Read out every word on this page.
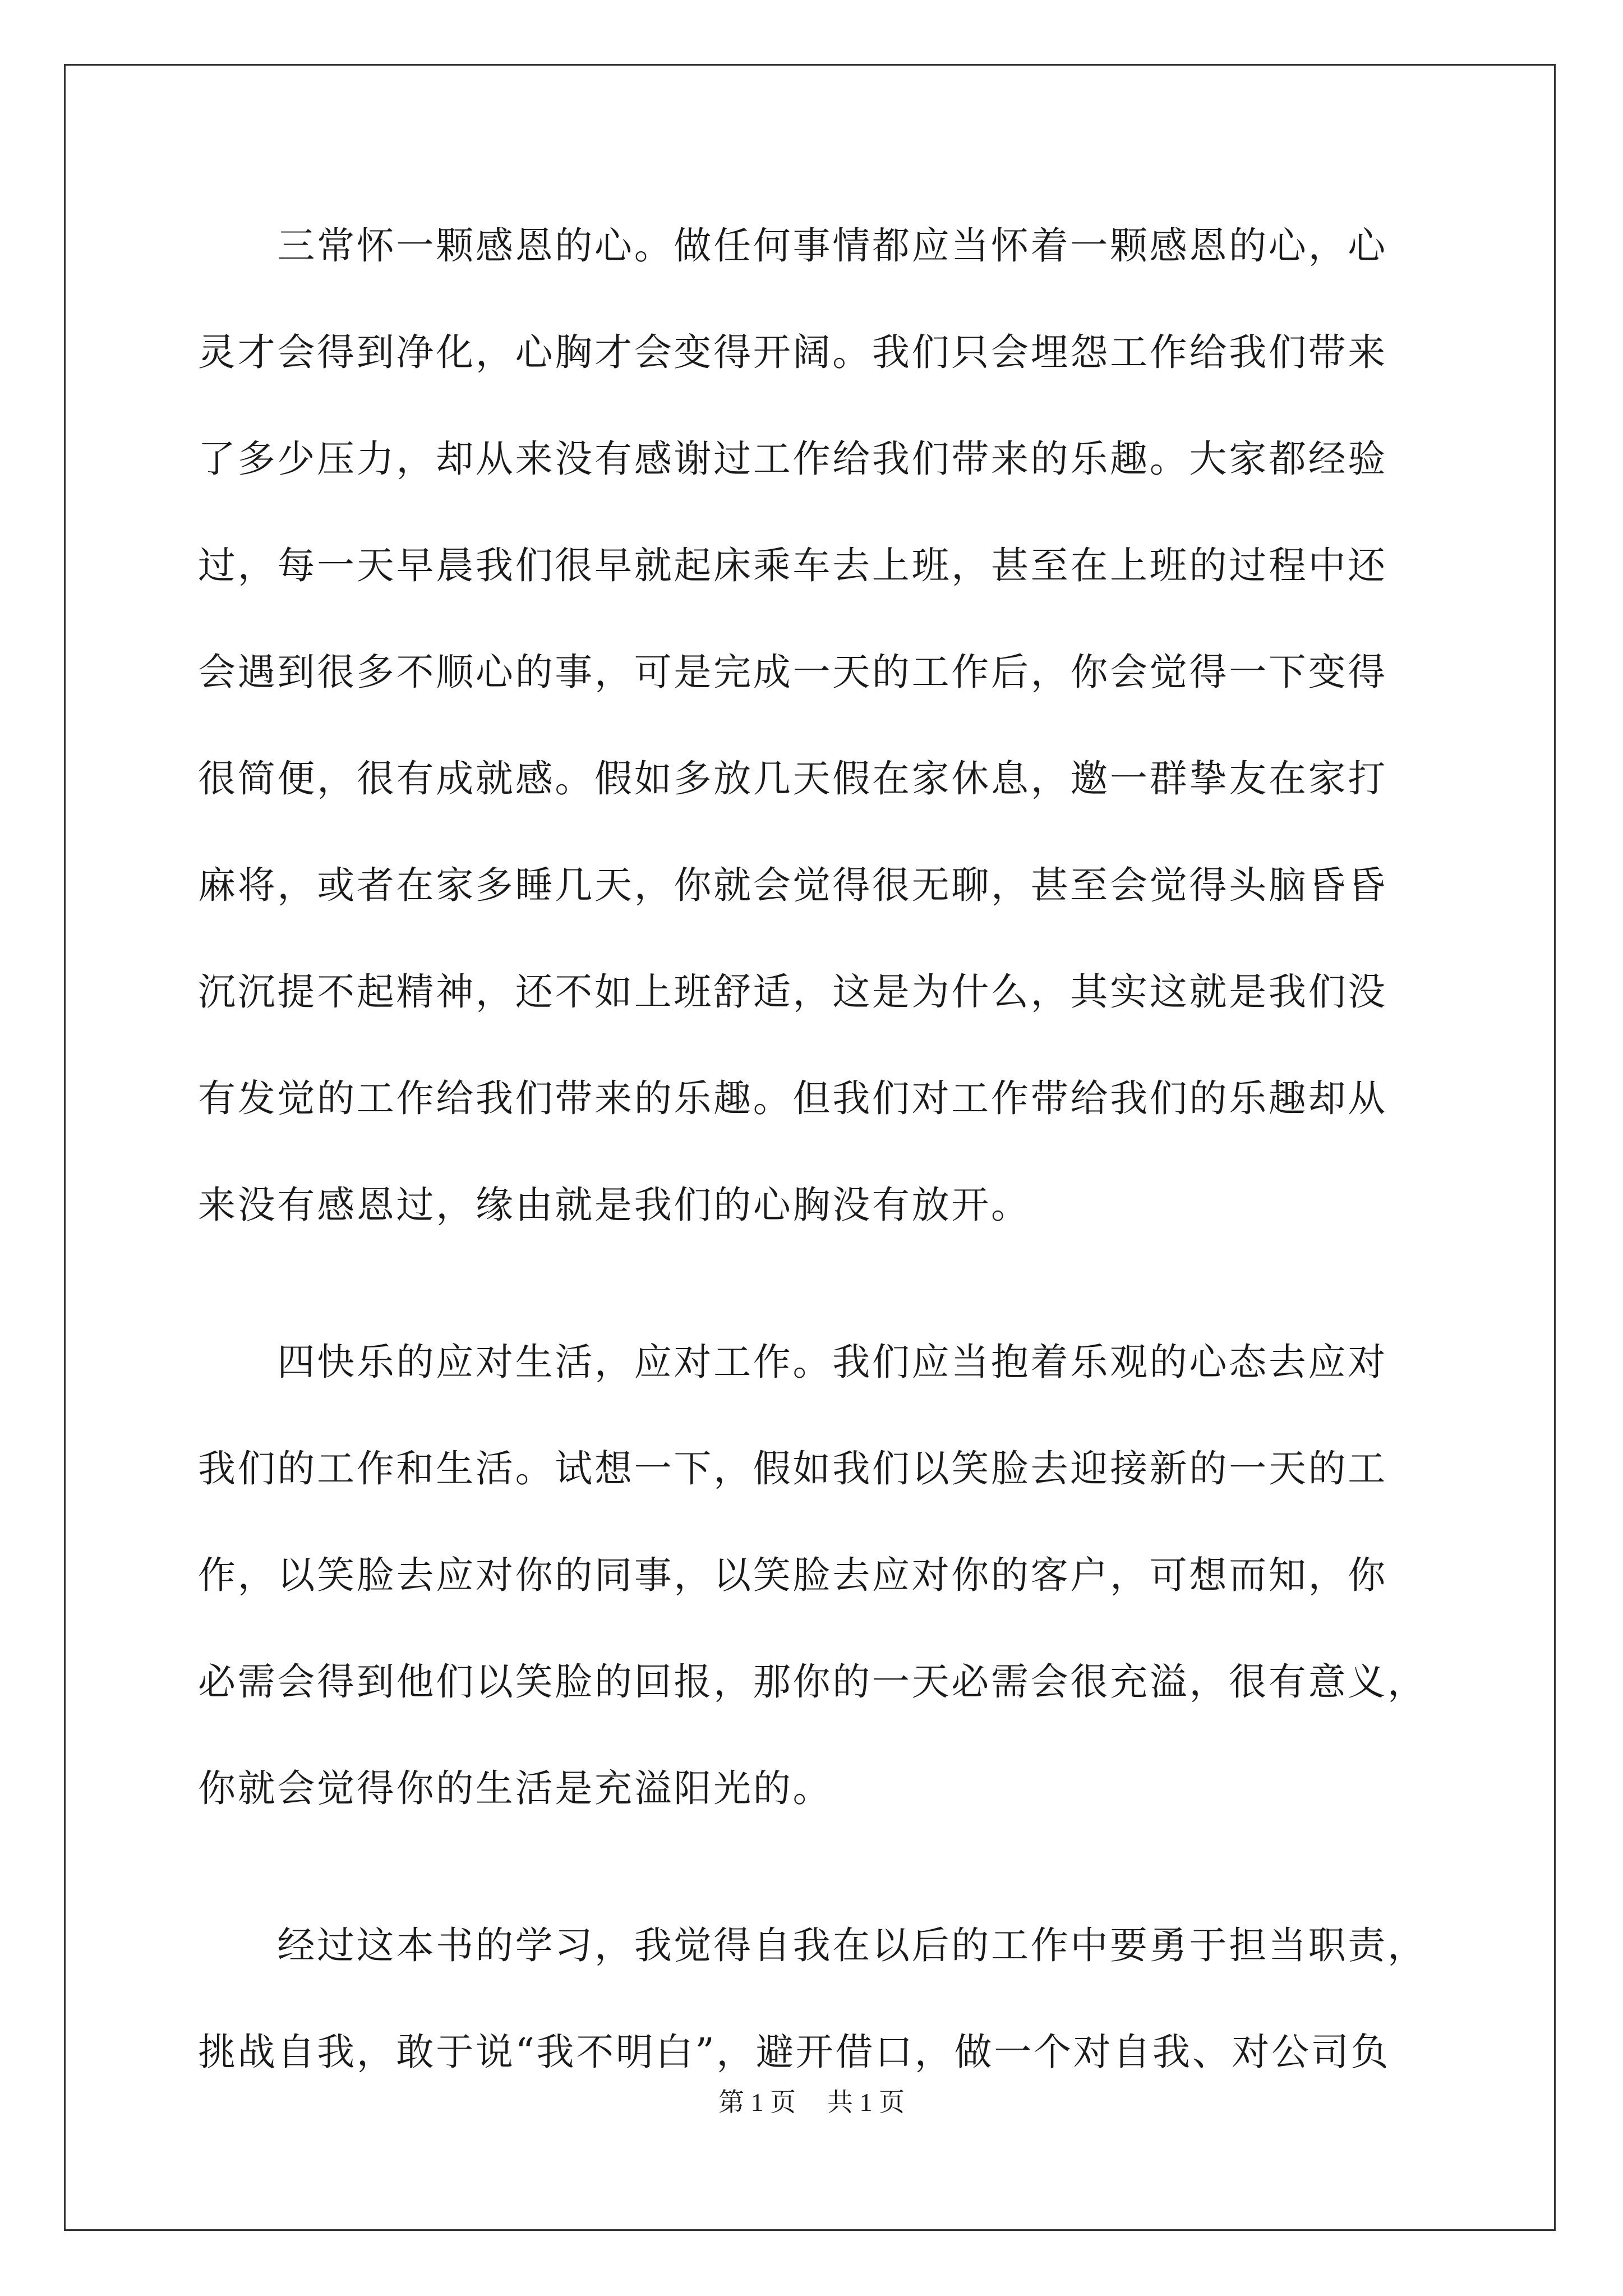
　　三常怀一颗感恩的心。做任何事情都应当怀着一颗感恩的心，心
灵才会得到净化，心胸才会变得开阔。我们只会埋怨工作给我们带来
了多少压力，却从来没有感谢过工作给我们带来的乐趣。大家都经验
过，每一天早晨我们很早就起床乘车去上班，甚至在上班的过程中还
会遇到很多不顺心的事，可是完成一天的工作后，你会觉得一下变得
很简便，很有成就感。假如多放几天假在家休息，邀一群挚友在家打
麻将，或者在家多睡几天，你就会觉得很无聊，甚至会觉得头脑昏昏
沉沉提不起精神，还不如上班舒适，这是为什么，其实这就是我们没
有发觉的工作给我们带来的乐趣。但我们对工作带给我们的乐趣却从
来没有感恩过，缘由就是我们的心胸没有放开。
　　四快乐的应对生活，应对工作。我们应当抱着乐观的心态去应对
我们的工作和生活。试想一下，假如我们以笑脸去迎接新的一天的工
作，以笑脸去应对你的同事，以笑脸去应对你的客户，可想而知，你
必需会得到他们以笑脸的回报，那你的一天必需会很充溢，很有意义，
你就会觉得你的生活是充溢阳光的。
　　经过这本书的学习，我觉得自我在以后的工作中要勇于担当职责，
挑战自我，敢于说“我不明白”，避开借口，做一个对自我、对公司负
第 1 页 共 1 页
